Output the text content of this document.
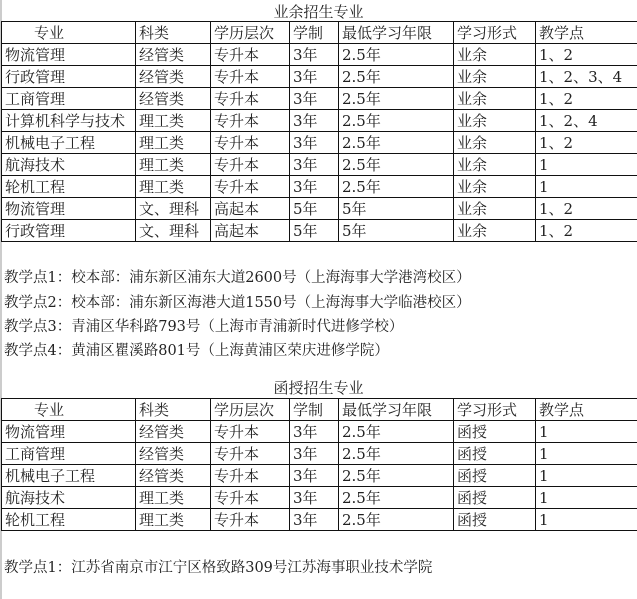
业余招生专业
专业	科类	学历层次	学制	最低学习年限	学习形式	教学点
物流管理	经管类	专升本	3年	2.5年	业余	1、2
行政管理	经管类	专升本	3年	2.5年	业余	1、2、3、4
工商管理	经管类	专升本	3年	2.5年	业余	1、2
计算机科学与技术	理工类	专升本	3年	2.5年	业余	1、2、4
机械电子工程	理工类	专升本	3年	2.5年	业余	1、2
航海技术	理工类	专升本	3年	2.5年	业余	1
轮机工程	理工类	专升本	3年	2.5年	业余	1
物流管理	文、理科	高起本	5年	5年	业余	1、2
行政管理	文、理科	高起本	5年	5年	业余	1、2
教学点1：校本部：浦东新区浦东大道2600号（上海海事大学港湾校区）
教学点2：校本部：浦东新区海港大道1550号（上海海事大学临港校区）
教学点3：青浦区华科路793号（上海市青浦新时代进修学校）
教学点4：黄浦区瞿溪路801号（上海黄浦区荣庆进修学院）
函授招生专业
专业	科类	学历层次	学制	最低学习年限	学习形式	教学点
物流管理	经管类	专升本	3年	2.5年	函授	1
工商管理	经管类	专升本	3年	2.5年	函授	1
机械电子工程	经管类	专升本	3年	2.5年	函授	1
航海技术	理工类	专升本	3年	2.5年	函授	1
轮机工程	理工类	专升本	3年	2.5年	函授	1
教学点1：江苏省南京市江宁区格致路309号江苏海事职业技术学院
